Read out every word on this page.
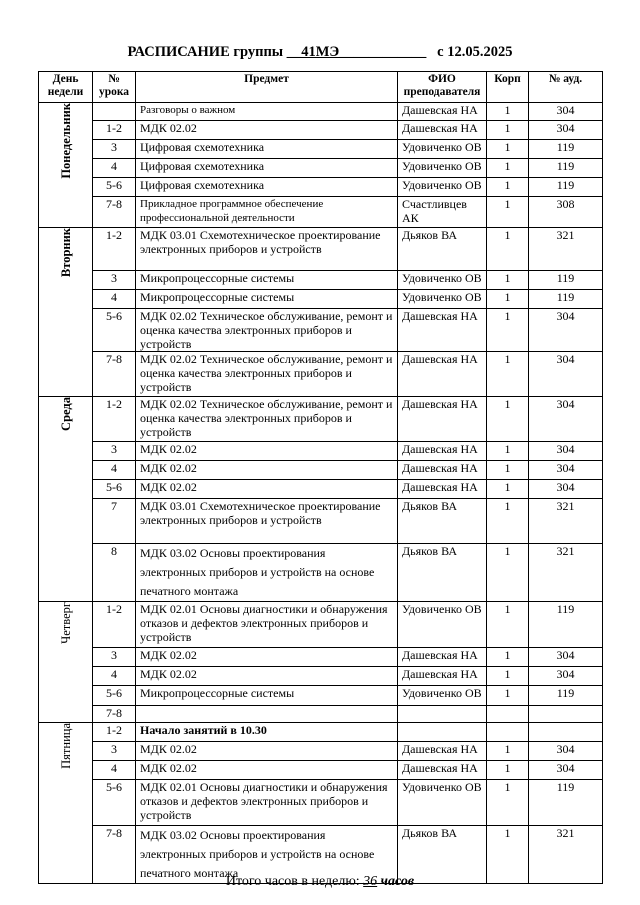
РАСПИСАНИЕ группы __41МЭ____________ с 12.05.2025
День недели	№ урока	Предмет	ФИО преподавателя	Корп	№ ауд.
Понедельник		Разговоры о важном	Дашевская НА	1	304
	1-2	МДК 02.02	Дашевская НА	1	304
	3	Цифровая схемотехника	Удовиченко ОВ	1	119
	4	Цифровая схемотехника	Удовиченко ОВ	1	119
	5-6	Цифровая схемотехника	Удовиченко ОВ	1	119
	7-8	Прикладное программное обеспечение профессиональной деятельности	Счастливцев АК	1	308
Вторник	1-2	МДК 03.01 Схемотехническое проектирование электронных приборов и устройств	Дьяков ВА	1	321
	3	Микропроцессорные системы	Удовиченко ОВ	1	119
	4	Микропроцессорные системы	Удовиченко ОВ	1	119
	5-6	МДК 02.02 Техническое обслуживание, ремонт и оценка качества электронных приборов и устройств	Дашевская НА	1	304
	7-8	МДК 02.02 Техническое обслуживание, ремонт и оценка качества электронных приборов и устройств	Дашевская НА	1	304
Среда	1-2	МДК 02.02 Техническое обслуживание, ремонт и оценка качества электронных приборов и устройств	Дашевская НА	1	304
	3	МДК 02.02	Дашевская НА	1	304
	4	МДК 02.02	Дашевская НА	1	304
	5-6	МДК 02.02	Дашевская НА	1	304
	7	МДК 03.01 Схемотехническое проектирование электронных приборов и устройств	Дьяков ВА	1	321
	8	МДК 03.02 Основы проектирования электронных приборов и устройств на основе печатного монтажа	Дьяков ВА	1	321
Четверг	1-2	МДК 02.01 Основы диагностики и обнаружения отказов и дефектов электронных приборов и устройств	Удовиченко ОВ	1	119
	3	МДК 02.02	Дашевская НА	1	304
	4	МДК 02.02	Дашевская НА	1	304
	5-6	Микропроцессорные системы	Удовиченко ОВ	1	119
	7-8				
Пятница	1-2	Начало занятий в 10.30			
	3	МДК 02.02	Дашевская НА	1	304
	4	МДК 02.02	Дашевская НА	1	304
	5-6	МДК 02.01 Основы диагностики и обнаружения отказов и дефектов электронных приборов и устройств	Удовиченко ОВ	1	119
	7-8	МДК 03.02 Основы проектирования электронных приборов и устройств на основе печатного монтажа	Дьяков ВА	1	321
Итого часов в неделю: 36 часов
